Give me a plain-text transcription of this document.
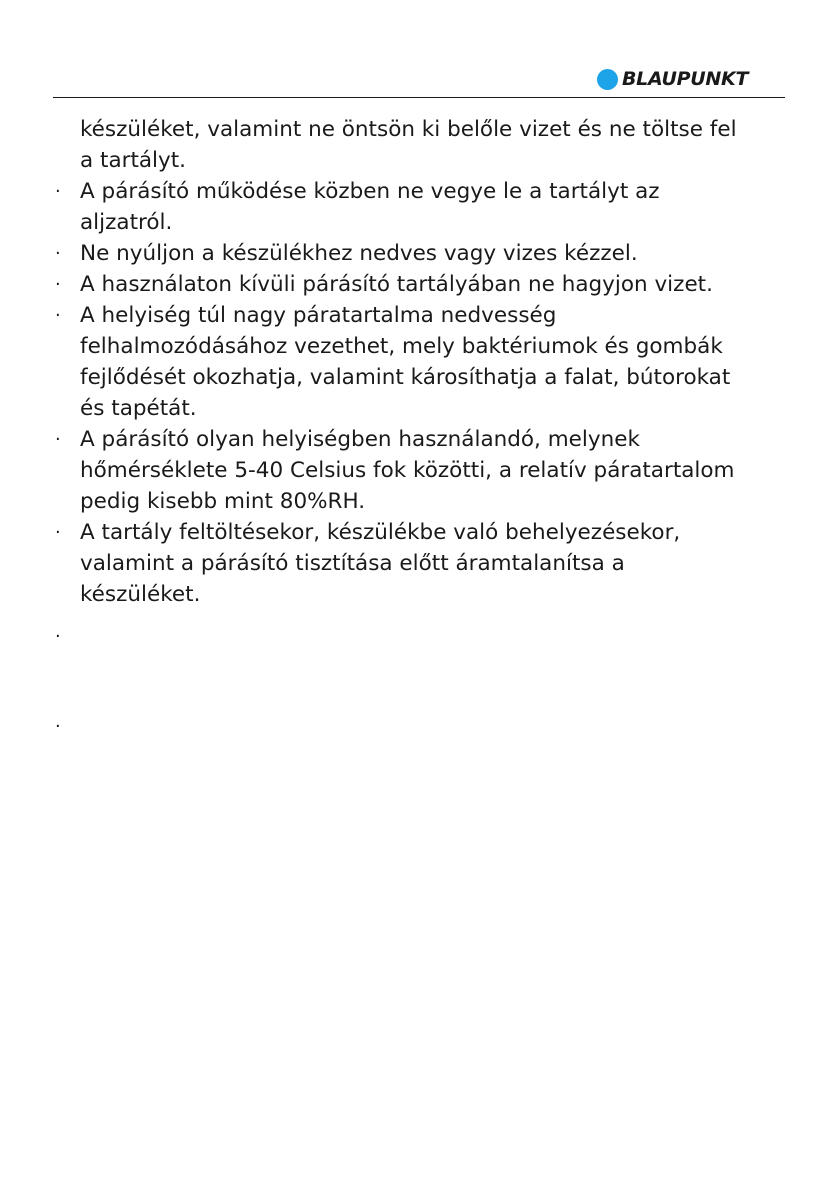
BLAUPUNKT
készüléket, valamint ne öntsön ki belőle vizet és ne töltse fel
a tartályt.
· A párásító működése közben ne vegye le a tartályt az
aljzatról.
· Ne nyúljon a készülékhez nedves vagy vizes kézzel.
· A használaton kívüli párásító tartályában ne hagyjon vizet.
· A helyiség túl nagy páratartalma nedvesség
felhalmozódásához vezethet, mely baktériumok és gombák
fejlődését okozhatja, valamint károsíthatja a falat, bútorokat
és tapétát.
· A párásító olyan helyiségben használandó, melynek
hőmérséklete 5-40 Celsius fok közötti, a relatív páratartalom
pedig kisebb mint 80%RH.
· A tartály feltöltésekor, készülékbe való behelyezésekor,
valamint a párásító tisztítása előtt áramtalanítsa a
készüléket.
·
·
